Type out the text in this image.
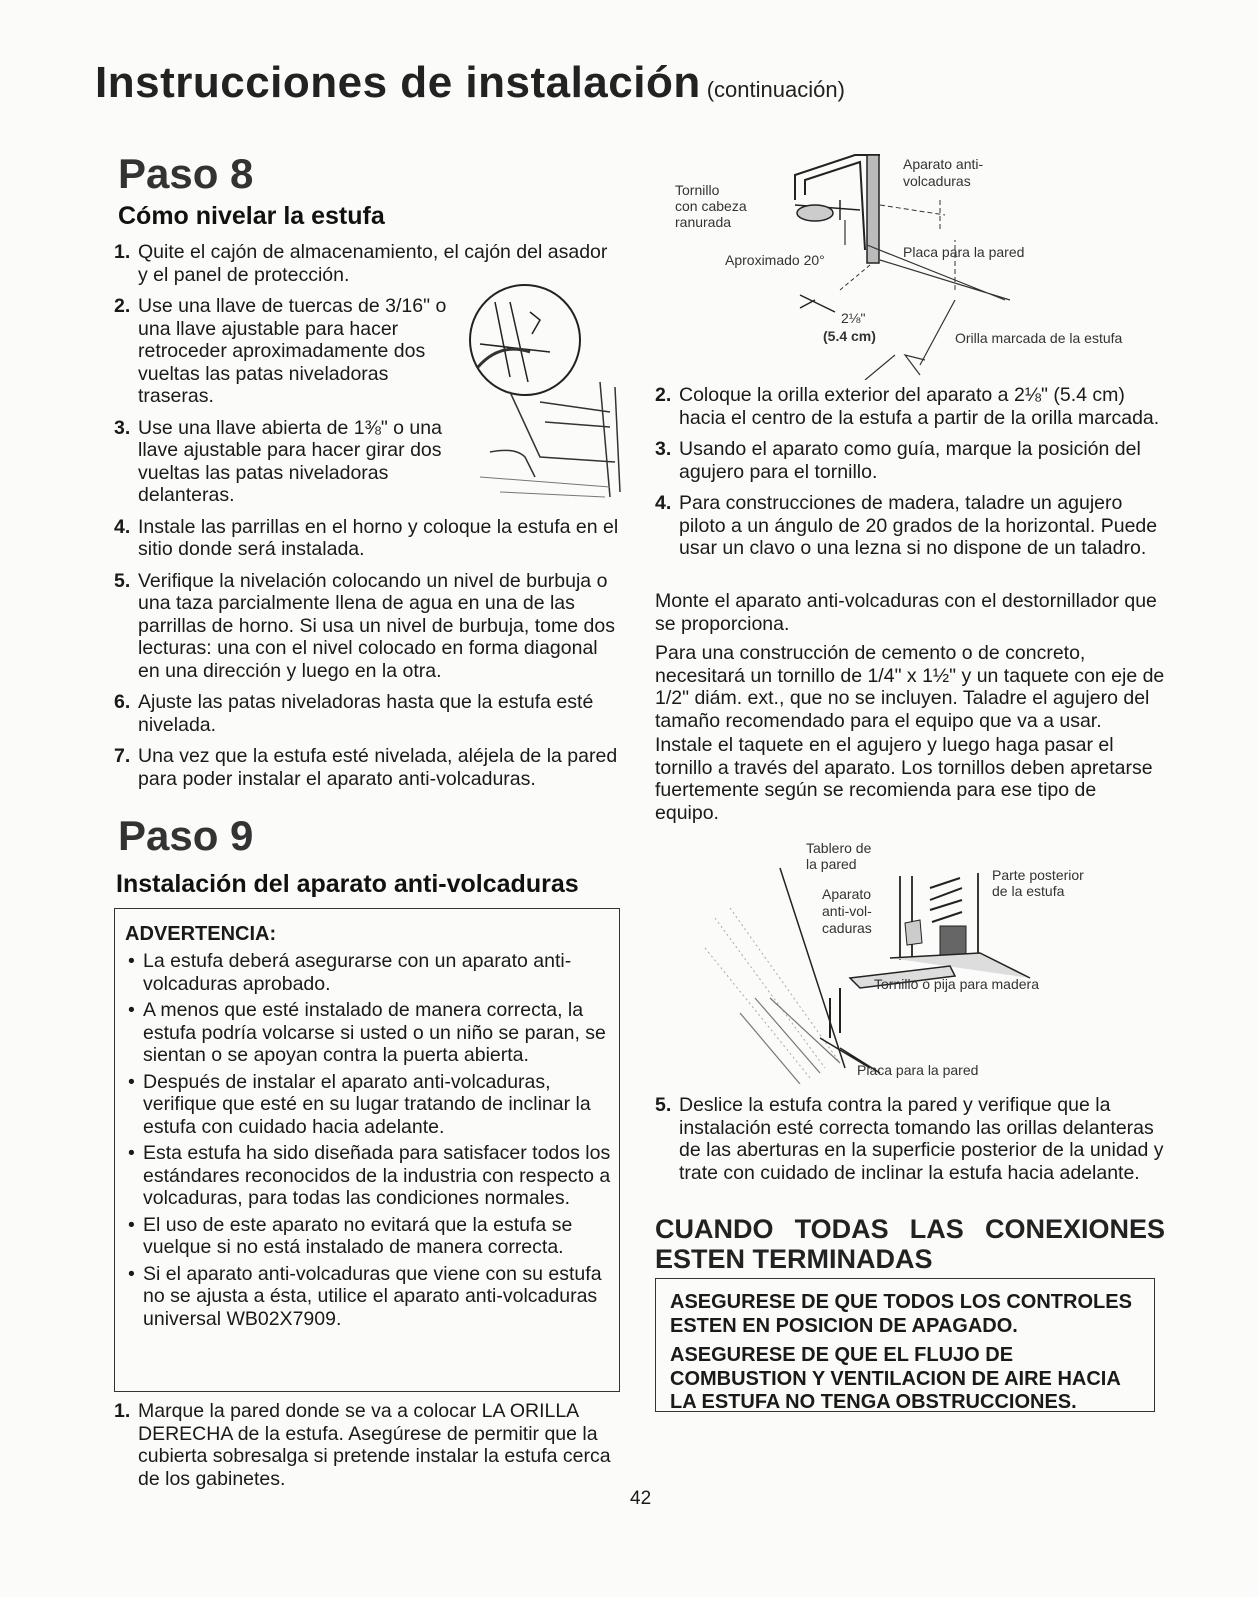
Instrucciones de instalación (continuación)
Paso 8
Cómo nivelar la estufa
1. Quite el cajón de almacenamiento, el cajón del asador y el panel de protección.
2. Use una llave de tuercas de 3/16" o una llave ajustable para hacer retroceder aproximadamente dos vueltas las patas niveladoras traseras.
3. Use una llave abierta de 1⅜" o una llave ajustable para hacer girar dos vueltas las patas niveladoras delanteras.
4. Instale las parrillas en el horno y coloque la estufa en el sitio donde será instalada.
5. Verifique la nivelación colocando un nivel de burbuja o una taza parcialmente llena de agua en una de las parrillas de horno. Si usa un nivel de burbuja, tome dos lecturas: una con el nivel colocado en forma diagonal en una dirección y luego en la otra.
6. Ajuste las patas niveladoras hasta que la estufa esté nivelada.
7. Una vez que la estufa esté nivelada, aléjela de la pared para poder instalar el aparato anti-volcaduras.
Paso 9
Instalación del aparato anti-volcaduras
ADVERTENCIA:
• La estufa deberá asegurarse con un aparato anti-volcaduras aprobado.
• A menos que esté instalado de manera correcta, la estufa podría volcarse si usted o un niño se paran, se sientan o se apoyan contra la puerta abierta.
• Después de instalar el aparato anti-volcaduras, verifique que esté en su lugar tratando de inclinar la estufa con cuidado hacia adelante.
• Esta estufa ha sido diseñada para satisfacer todos los estándares reconocidos de la industria con respecto a volcaduras, para todas las condiciones normales.
• El uso de este aparato no evitará que la estufa se vuelque si no está instalado de manera correcta.
• Si el aparato anti-volcaduras que viene con su estufa no se ajusta a ésta, utilice el aparato anti-volcaduras universal WB02X7909.
1. Marque la pared donde se va a colocar LA ORILLA DERECHA de la estufa. Asegúrese de permitir que la cubierta sobresalga si pretende instalar la estufa cerca de los gabinetes.
Tornillo
con cabeza
ranurada
Aparato anti-
volcaduras
Aproximado 20°	Placa para la pared
2⅛"
(5.4 cm)	Orilla marcada de la estufa
2. Coloque la orilla exterior del aparato a 2⅛" (5.4 cm) hacia el centro de la estufa a partir de la orilla marcada.
3. Usando el aparato como guía, marque la posición del agujero para el tornillo.
4. Para construcciones de madera, taladre un agujero piloto a un ángulo de 20 grados de la horizontal. Puede usar un clavo o una lezna si no dispone de un taladro.
Monte el aparato anti-volcaduras con el destornillador que se proporciona.
Para una construcción de cemento o de concreto, necesitará un tornillo de 1/4" x 1½" y un taquete con eje de 1/2" diám. ext., que no se incluyen. Taladre el agujero del tamaño recomendado para el equipo que va a usar.
Instale el taquete en el agujero y luego haga pasar el tornillo a través del aparato. Los tornillos deben apretarse fuertemente según se recomienda para ese tipo de equipo.
Tablero de
la pared
Aparato
anti-vol-
caduras
Parte posterior
de la estufa
Tornillo o pija para madera
Placa para la pared
5. Deslice la estufa contra la pared y verifique que la instalación esté correcta tomando las orillas delanteras de las aberturas en la superficie posterior de la unidad y trate con cuidado de inclinar la estufa hacia adelante.
CUANDO TODAS LAS CONEXIONES ESTEN TERMINADAS
ASEGURESE DE QUE TODOS LOS CONTROLES ESTEN EN POSICION DE APAGADO.
ASEGURESE DE QUE EL FLUJO DE COMBUSTION Y VENTILACION DE AIRE HACIA LA ESTUFA NO TENGA OBSTRUCCIONES.
42
